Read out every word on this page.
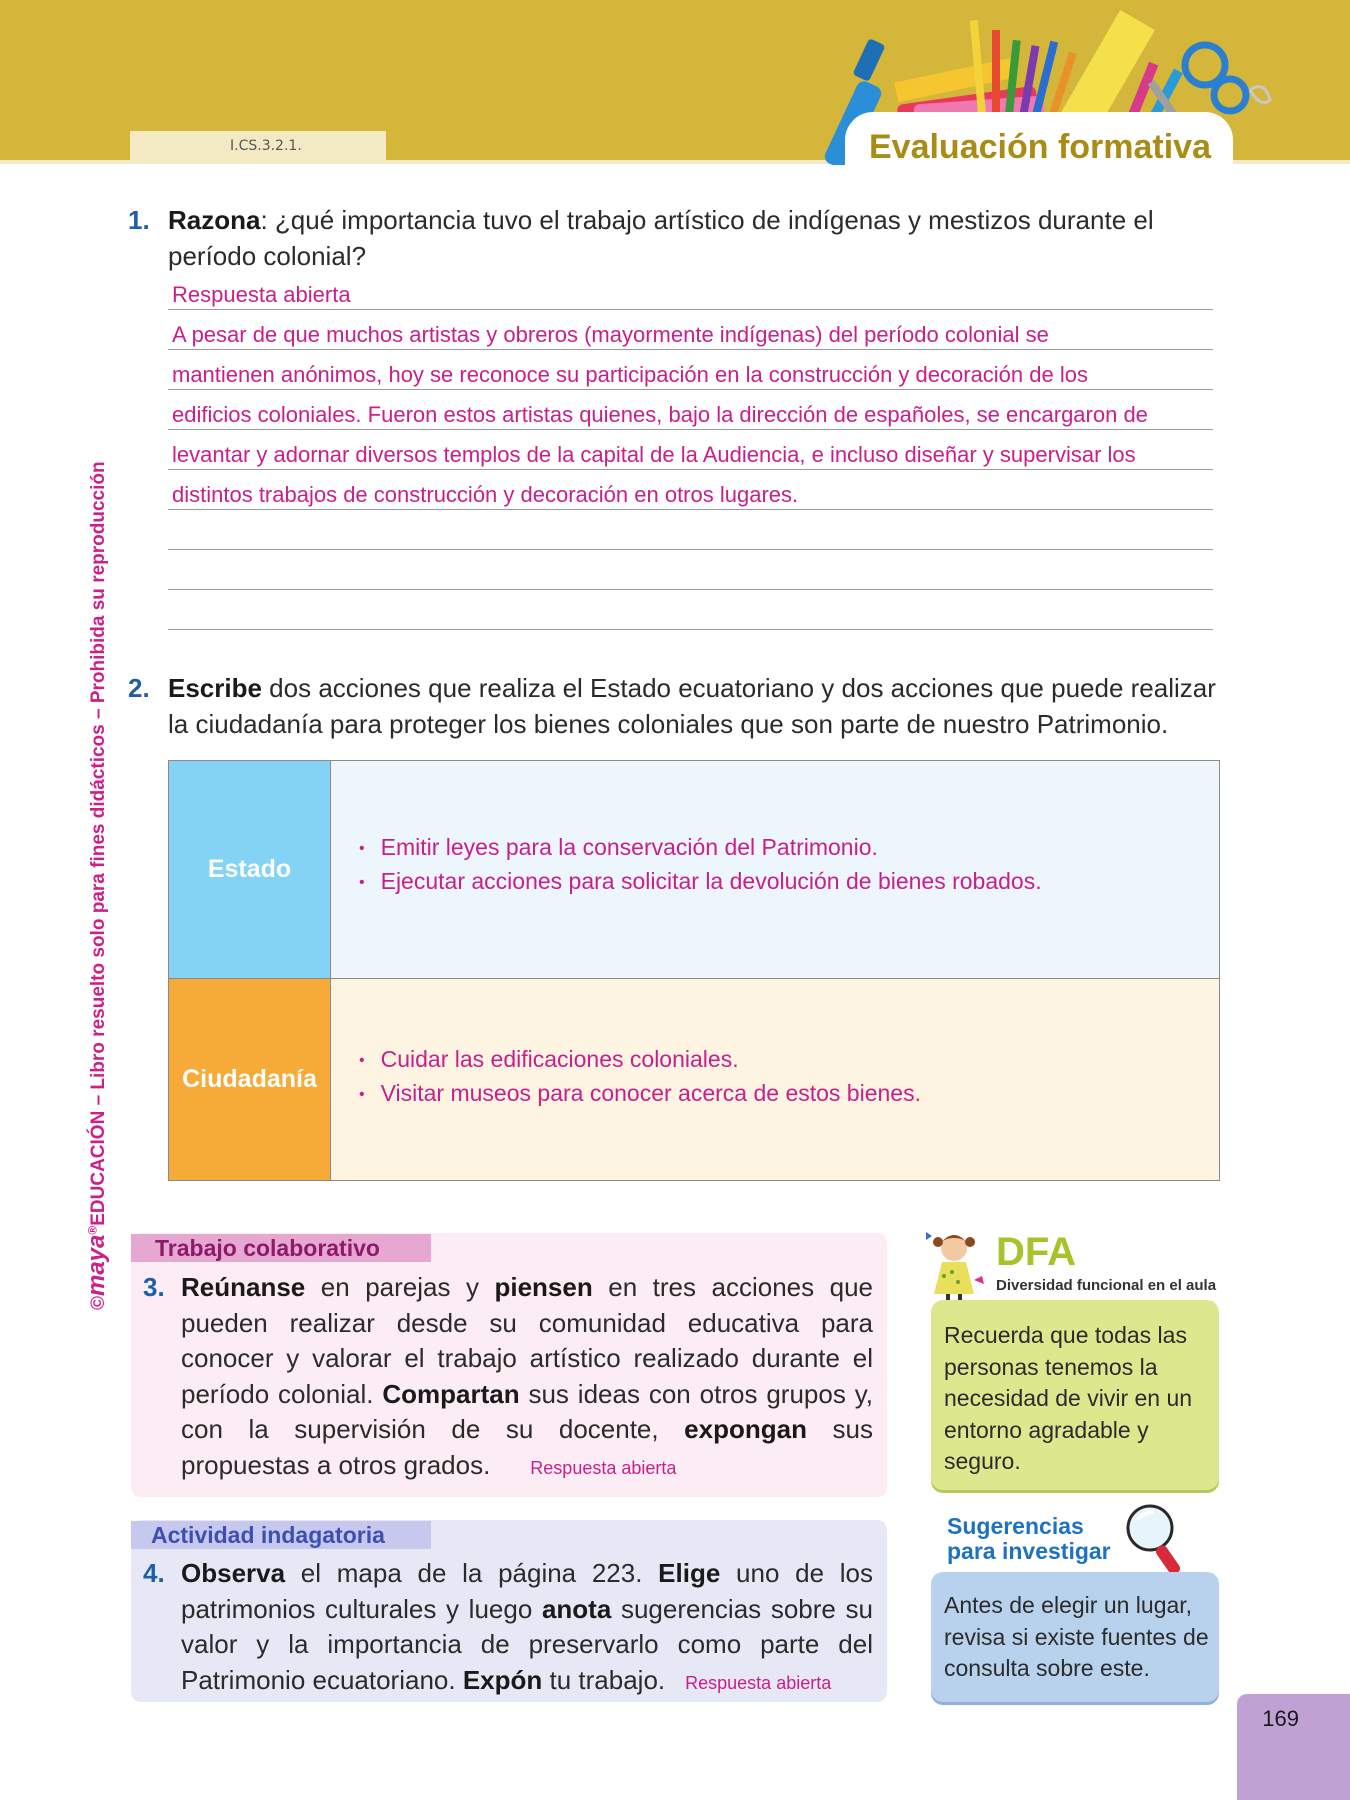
I.CS.3.2.1.	Evaluación formativa
©maya®EDUCACIÓN – Libro resuelto solo para fines didácticos – Prohibida su reproducción
1. Razona: ¿qué importancia tuvo el trabajo artístico de indígenas y mestizos durante el período colonial?
Respuesta abierta
A pesar de que muchos artistas y obreros (mayormente indígenas) del período colonial se
mantienen anónimos, hoy se reconoce su participación en la construcción y decoración de los
edificios coloniales. Fueron estos artistas quienes, bajo la dirección de españoles, se encargaron de
levantar y adornar diversos templos de la capital de la Audiencia, e incluso diseñar y supervisar los
distintos trabajos de construcción y decoración en otros lugares.
2. Escribe dos acciones que realiza el Estado ecuatoriano y dos acciones que puede realizar la ciudadanía para proteger los bienes coloniales que son parte de nuestro Patrimonio.
Estado
• Emitir leyes para la conservación del Patrimonio.
• Ejecutar acciones para solicitar la devolución de bienes robados.
Ciudadanía
• Cuidar las edificaciones coloniales.
• Visitar museos para conocer acerca de estos bienes.
Trabajo colaborativo
3. Reúnanse en parejas y piensen en tres acciones que pueden realizar desde su comunidad educativa para conocer y valorar el trabajo artístico realizado durante el período colonial. Compartan sus ideas con otros grupos y, con la supervisión de su docente, expongan sus propuestas a otros grados. Respuesta abierta
Actividad indagatoria
4. Observa el mapa de la página 223. Elige uno de los patrimonios culturales y luego anota sugerencias sobre su valor y la importancia de preservarlo como parte del Patrimonio ecuatoriano. Expón tu trabajo. Respuesta abierta
DFA
Diversidad funcional en el aula
Recuerda que todas las personas tenemos la necesidad de vivir en un entorno agradable y seguro.
Sugerencias
para investigar
Antes de elegir un lugar, revisa si existe fuentes de consulta sobre este.
169
